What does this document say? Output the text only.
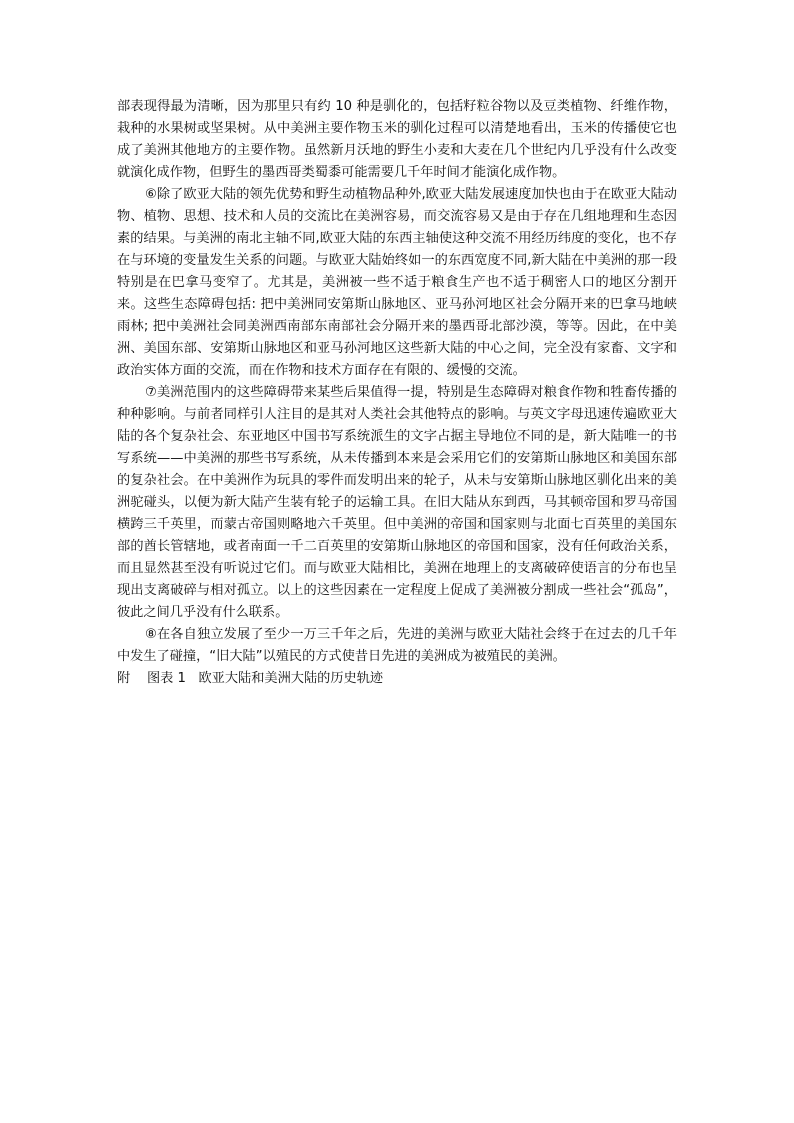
部表现得最为清晰，因为那里只有约 10 种是驯化的，包括籽粒谷物以及豆类植物、纤维作物，栽种的水果树或坚果树。从中美洲主要作物玉米的驯化过程可以清楚地看出，玉米的传播使它也成了美洲其他地方的主要作物。虽然新月沃地的野生小麦和大麦在几个世纪内几乎没有什么改变就演化成作物，但野生的墨西哥类蜀黍可能需要几千年时间才能演化成作物。

⑥除了欧亚大陆的领先优势和野生动植物品种外,欧亚大陆发展速度加快也由于在欧亚大陆动物、植物、思想、技术和人员的交流比在美洲容易，而交流容易又是由于存在几组地理和生态因素的结果。与美洲的南北主轴不同,欧亚大陆的东西主轴使这种交流不用经历纬度的变化，也不存在与环境的变量发生关系的问题。与欧亚大陆始终如一的东西宽度不同,新大陆在中美洲的那一段特别是在巴拿马变窄了。尤其是，美洲被一些不适于粮食生产也不适于稠密人口的地区分割开来。这些生态障碍包括: 把中美洲同安第斯山脉地区、亚马孙河地区社会分隔开来的巴拿马地峡雨林; 把中美洲社会同美洲西南部东南部社会分隔开来的墨西哥北部沙漠，等等。因此，在中美洲、美国东部、安第斯山脉地区和亚马孙河地区这些新大陆的中心之间，完全没有家畜、文字和政治实体方面的交流，而在作物和技术方面存在有限的、缓慢的交流。

⑦美洲范围内的这些障碍带来某些后果值得一提，特别是生态障碍对粮食作物和牲畜传播的种种影响。与前者同样引人注目的是其对人类社会其他特点的影响。与英文字母迅速传遍欧亚大陆的各个复杂社会、东亚地区中国书写系统派生的文字占据主导地位不同的是，新大陆唯一的书写系统——中美洲的那些书写系统，从未传播到本来是会采用它们的安第斯山脉地区和美国东部的复杂社会。在中美洲作为玩具的零件而发明出来的轮子，从未与安第斯山脉地区驯化出来的美洲驼碰头，以便为新大陆产生装有轮子的运输工具。在旧大陆从东到西，马其顿帝国和罗马帝国横跨三千英里，而蒙古帝国则略地六千英里。但中美洲的帝国和国家则与北面七百英里的美国东部的酋长管辖地，或者南面一千二百英里的安第斯山脉地区的帝国和国家，没有任何政治关系，而且显然甚至没有听说过它们。而与欧亚大陆相比，美洲在地理上的支离破碎使语言的分布也呈现出支离破碎与相对孤立。以上的这些因素在一定程度上促成了美洲被分割成一些社会“孤岛”，彼此之间几乎没有什么联系。

⑧在各自独立发展了至少一万三千年之后，先进的美洲与欧亚大陆社会终于在过去的几千年中发生了碰撞，“旧大陆”以殖民的方式使昔日先进的美洲成为被殖民的美洲。

附    图表 1   欧亚大陆和美洲大陆的历史轨迹
